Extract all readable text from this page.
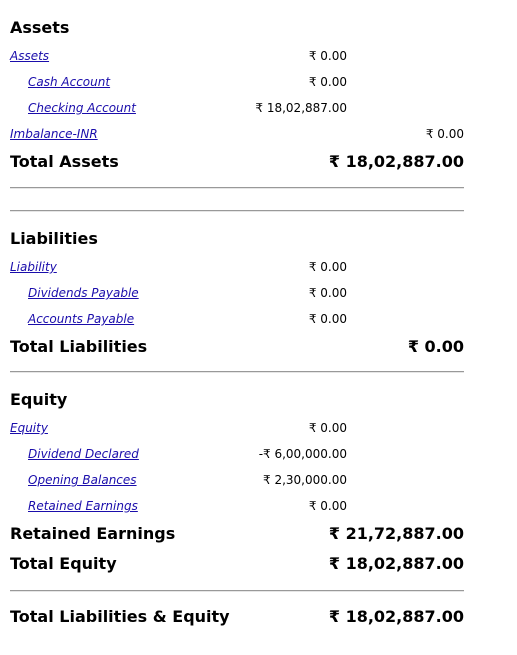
Assets
Assets	₹ 0.00
Cash Account	₹ 0.00
Checking Account	₹ 18,02,887.00
Imbalance-INR	₹ 0.00
Total Assets	₹ 18,02,887.00
Liabilities
Liability	₹ 0.00
Dividends Payable	₹ 0.00
Accounts Payable	₹ 0.00
Total Liabilities	₹ 0.00
Equity
Equity	₹ 0.00
Dividend Declared	-₹ 6,00,000.00
Opening Balances	₹ 2,30,000.00
Retained Earnings	₹ 0.00
Retained Earnings	₹ 21,72,887.00
Total Equity	₹ 18,02,887.00
Total Liabilities & Equity	₹ 18,02,887.00
